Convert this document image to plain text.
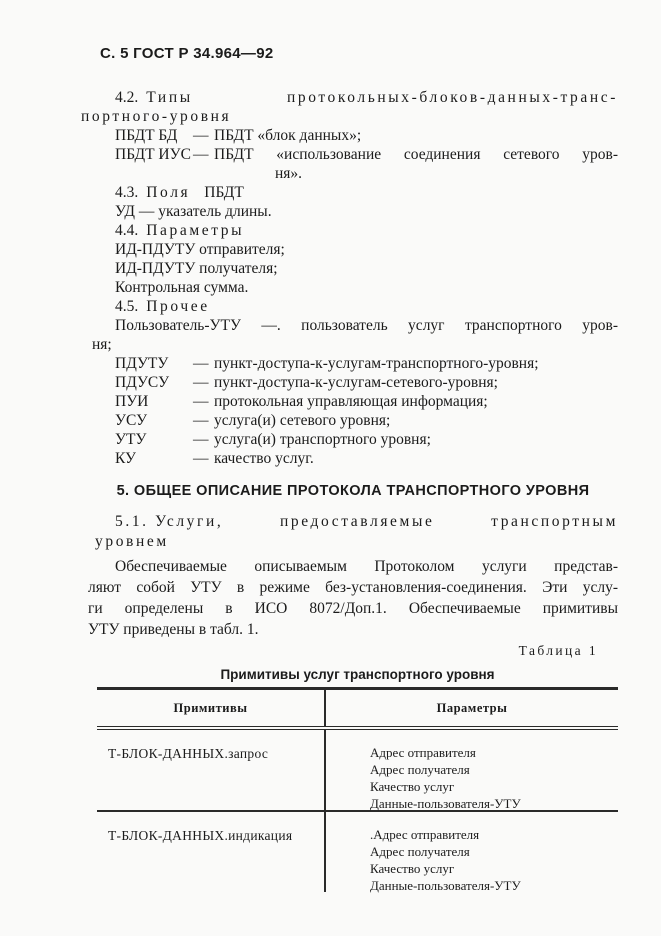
С. 5 ГОСТ Р 34.964—92
4.2. Типы	протокольных-блоков-данных-транс-
портного-уровня
ПБДТ БД	— ПБДТ «блок данных»;
ПБДТ ИУС — ПБДТ «использование соединения сетевого уров-
ня».
4.3. Поля ПБДТ
УД — указатель длины.
4.4. Параметры
ИД-ПДУТУ отправителя;
ИД-ПДУТУ получателя;
Контрольная сумма.
4.5. Прочее
Пользователь-УТУ —. пользователь услуг транспортного уров-
ня;
ПДУТУ	— пункт-доступа-к-услугам-транспортного-уровня;
ПДУСУ	— пункт-доступа-к-услугам-сетевого-уровня;
ПУИ	— протокольная управляющая информация;
УСУ	— услуга(и) сетевого уровня;
УТУ	— услуга(и) транспортного уровня;
КУ	— качество услуг.
5. ОБЩЕЕ ОПИСАНИЕ ПРОТОКОЛА ТРАНСПОРТНОГО УРОВНЯ
5.1. Услуги,	предоставляемые	транспортным
уровнем
Обеспечиваемые описываемым Протоколом услуги представ-
ляют собой УТУ в режиме без-установления-соединения. Эти услу-
ги определены в ИСО 8072/Доп.1. Обеспечиваемые примитивы
УТУ приведены в табл. 1.
Таблица 1
Примитивы услуг транспортного уровня
Примитивы	Параметры
Т-БЛОК-ДАННЫХ.запрос	Адрес отправителя
Адрес получателя
Качество услуг
Данные-пользователя-УТУ
Т-БЛОК-ДАННЫХ.индикация	.Адрес отправителя
Адрес получателя
Качество услуг
Данные-пользователя-УТУ
